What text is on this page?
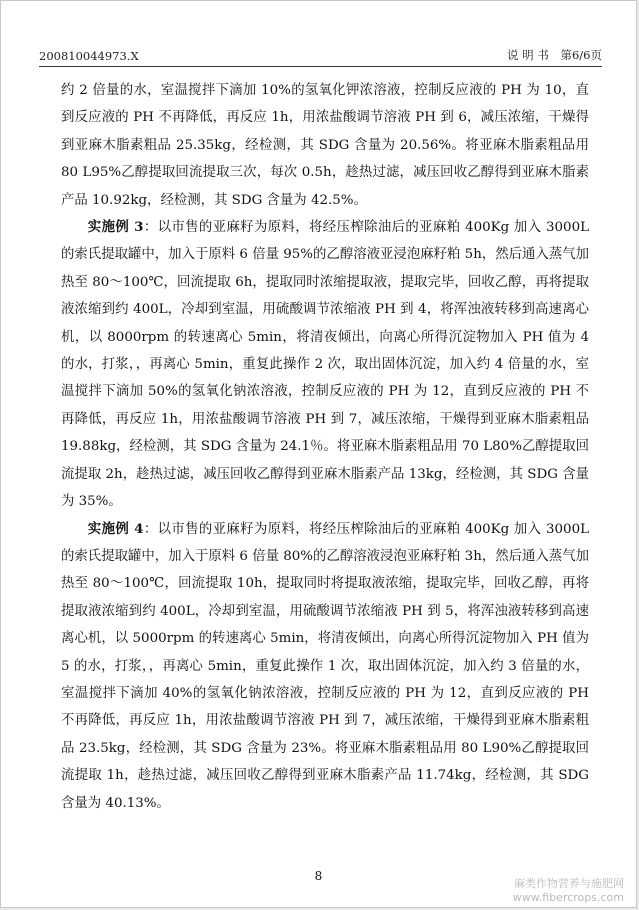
200810044973.X	说 明 书 第6/6页

约 2 倍量的水，室温搅拌下滴加 10%的氢氧化钾浓溶液，控制反应液的 PH 为 10，直到反应液的 PH 不再降低，再反应 1h，用浓盐酸调节溶液 PH 到 6，减压浓缩，干燥得到亚麻木脂素粗品 25.35kg，经检测，其 SDG 含量为 20.56%。将亚麻木脂素粗品用 80 L95%乙醇提取回流提取三次，每次 0.5h，趁热过滤，减压回收乙醇得到亚麻木脂素产品 10.92kg，经检测，其 SDG 含量为 42.5%。

实施例 3：以市售的亚麻籽为原料，将经压榨除油后的亚麻粕 400Kg 加入 3000L 的索氏提取罐中，加入于原料 6 倍量 95%的乙醇溶液亚浸泡麻籽粕 5h，然后通入蒸气加热至 80～100℃，回流提取 6h，提取同时浓缩提取液，提取完毕，回收乙醇，再将提取液浓缩到约 400L，冷却到室温，用硫酸调节浓缩液 PH 到 4，将浑浊液转移到高速离心机，以 8000rpm 的转速离心 5min，将清夜倾出，向离心所得沉淀物加入 PH 值为 4 的水，打浆，，再离心 5min，重复此操作 2 次，取出固体沉淀，加入约 4 倍量的水，室温搅拌下滴加 50%的氢氧化钠浓溶液，控制反应液的 PH 为 12，直到反应液的 PH 不再降低，再反应 1h，用浓盐酸调节溶液 PH 到 7，减压浓缩，干燥得到亚麻木脂素粗品 19.88kg，经检测，其 SDG 含量为 24.1％。将亚麻木脂素粗品用 70 L80%乙醇提取回流提取 2h，趁热过滤，减压回收乙醇得到亚麻木脂素产品 13kg，经检测，其 SDG 含量为 35%。

实施例 4：以市售的亚麻籽为原料，将经压榨除油后的亚麻粕 400Kg 加入 3000L 的索氏提取罐中，加入于原料 6 倍量 80%的乙醇溶液浸泡亚麻籽粕 3h，然后通入蒸气加热至 80～100℃，回流提取 10h，提取同时将提取液浓缩，提取完毕，回收乙醇，再将提取液浓缩到约 400L，冷却到室温，用硫酸调节浓缩液 PH 到 5，将浑浊液转移到高速离心机，以 5000rpm 的转速离心 5min，将清夜倾出，向离心所得沉淀物加入 PH 值为 5 的水，打浆，，再离心 5min，重复此操作 1 次，取出固体沉淀，加入约 3 倍量的水，室温搅拌下滴加 40%的氢氧化钠浓溶液，控制反应液的 PH 为 12，直到反应液的 PH 不再降低，再反应 1h，用浓盐酸调节溶液 PH 到 7，减压浓缩，干燥得到亚麻木脂素粗品 23.5kg，经检测，其 SDG 含量为 23%。将亚麻木脂素粗品用 80 L90%乙醇提取回流提取 1h，趁热过滤，减压回收乙醇得到亚麻木脂素产品 11.74kg，经检测，其 SDG 含量为 40.13%。

8
麻类作物营养与施肥网
www.fibercrops.com
